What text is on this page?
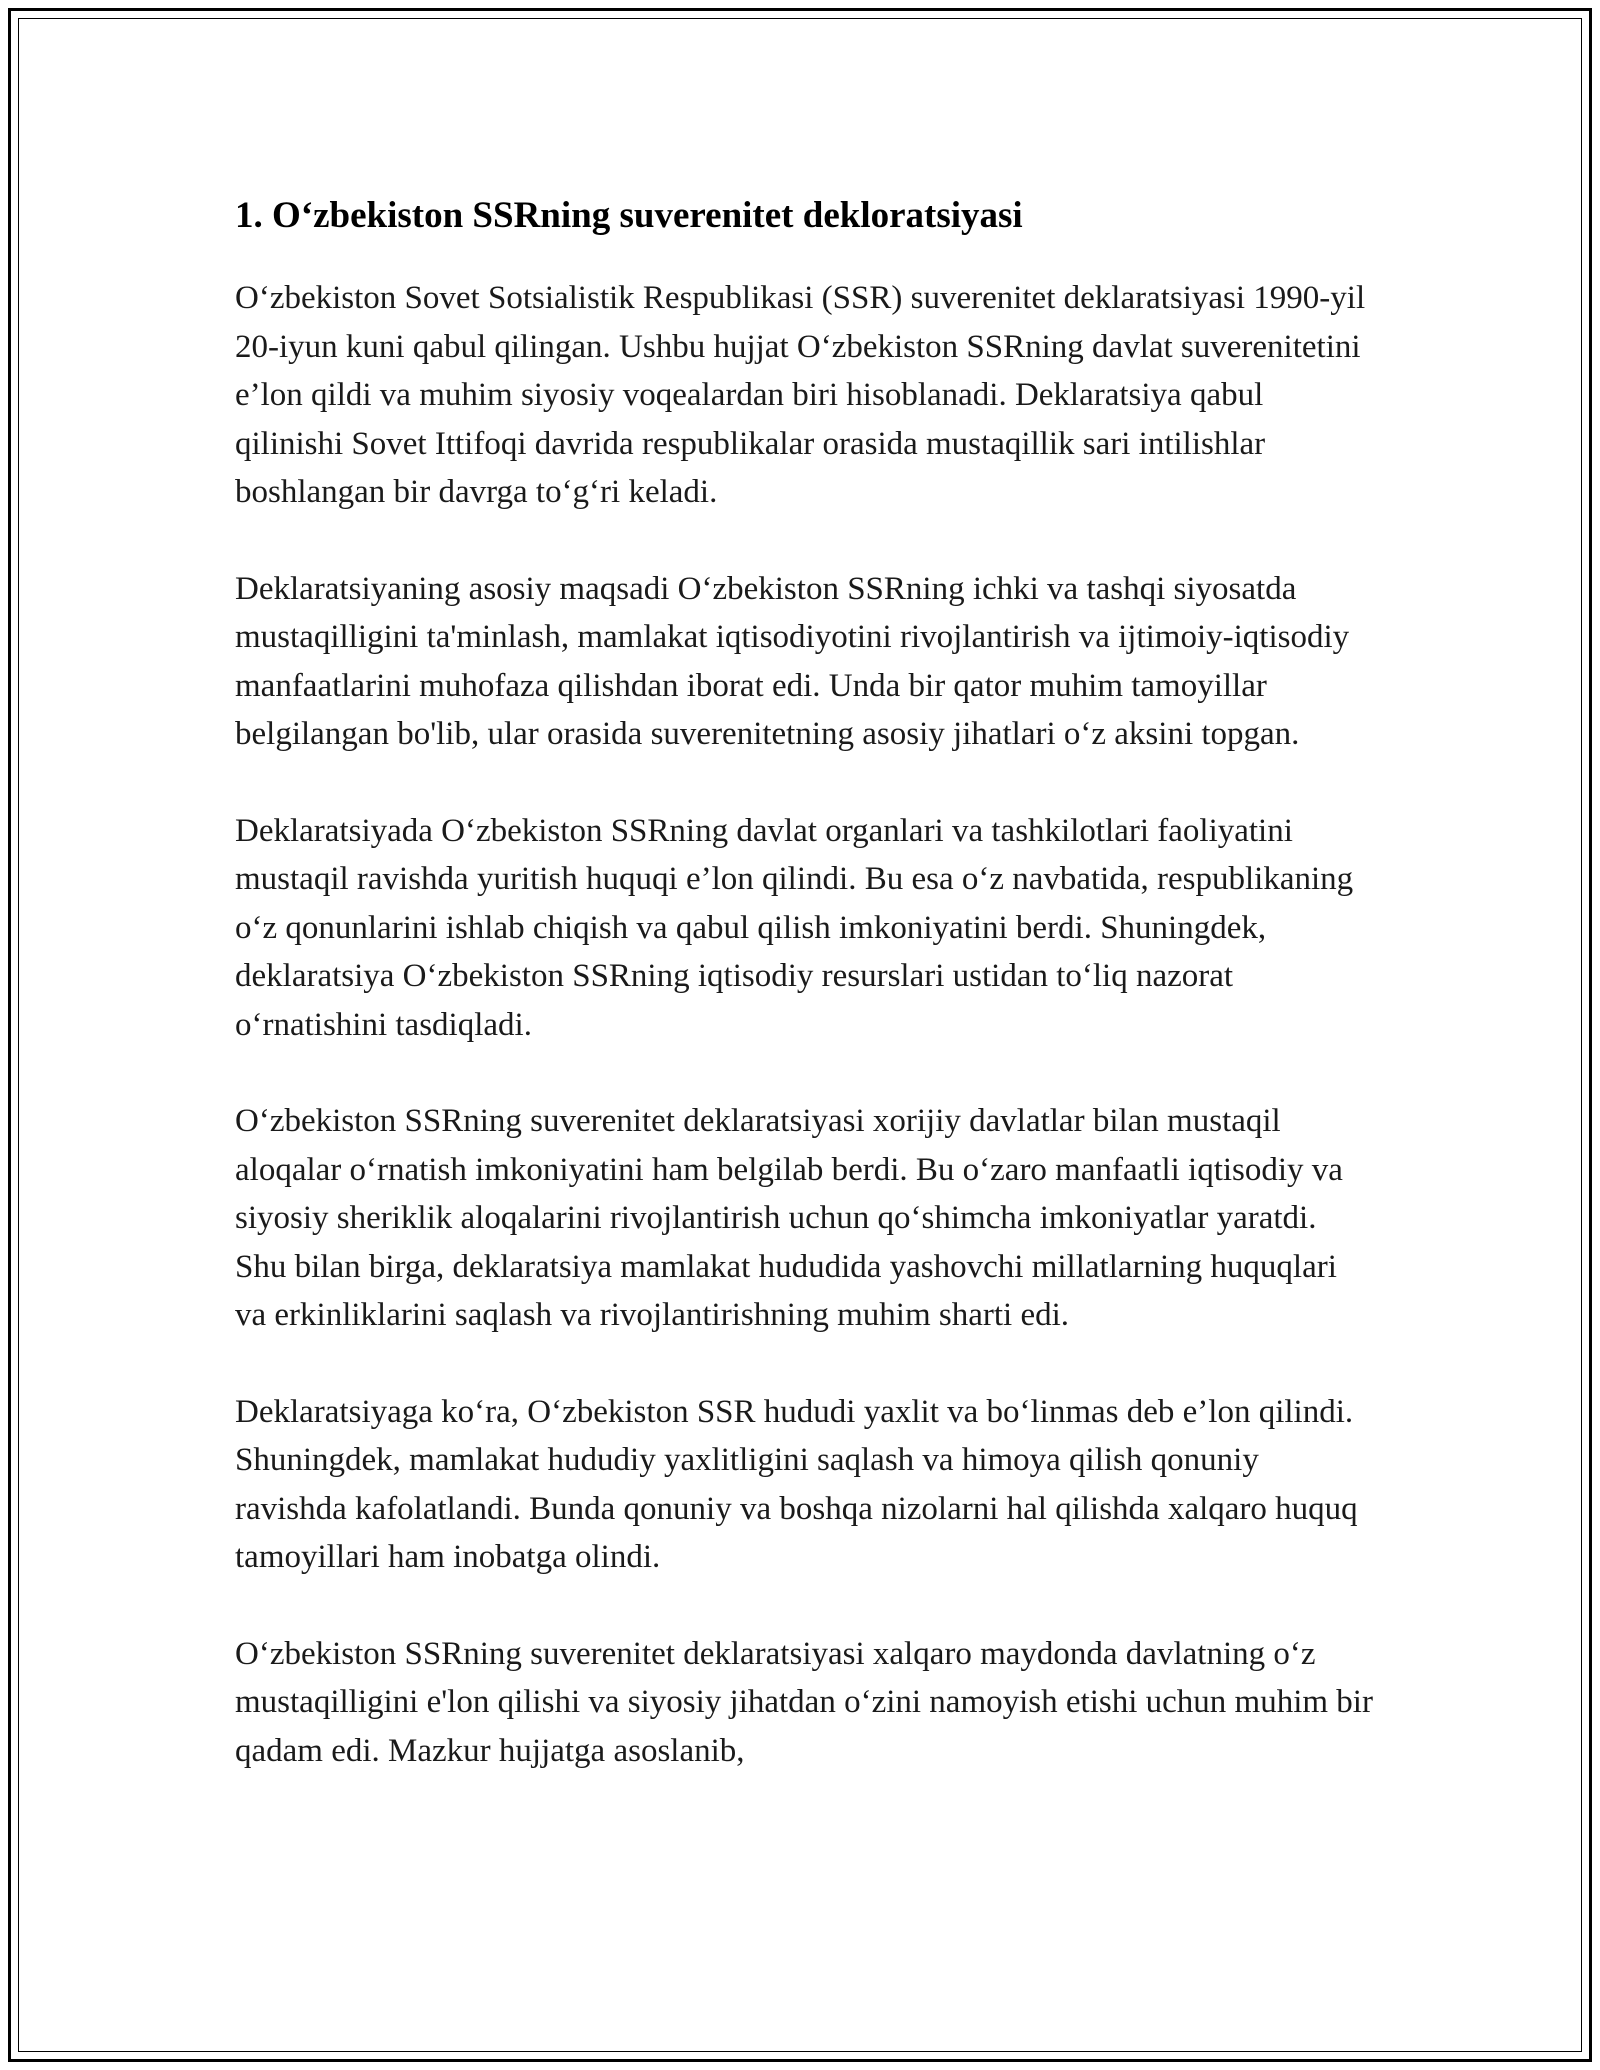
1. O‘zbekiston SSRning suverenitet dekloratsiyasi

O‘zbekiston Sovet Sotsialistik Respublikasi (SSR) suverenitet deklaratsiyasi 1990-yil 20-iyun kuni qabul qilingan. Ushbu hujjat O‘zbekiston SSRning davlat suverenitetini e’lon qildi va muhim siyosiy voqealardan biri hisoblanadi. Deklaratsiya qabul qilinishi Sovet Ittifoqi davrida respublikalar orasida mustaqillik sari intilishlar boshlangan bir davrga to‘g‘ri keladi.

Deklaratsiyaning asosiy maqsadi O‘zbekiston SSRning ichki va tashqi siyosatda mustaqilligini ta'minlash, mamlakat iqtisodiyotini rivojlantirish va ijtimoiy-iqtisodiy manfaatlarini muhofaza qilishdan iborat edi. Unda bir qator muhim tamoyillar belgilangan bo'lib, ular orasida suverenitetning asosiy jihatlari o‘z aksini topgan.

Deklaratsiyada O‘zbekiston SSRning davlat organlari va tashkilotlari faoliyatini mustaqil ravishda yuritish huquqi e’lon qilindi. Bu esa o‘z navbatida, respublikaning o‘z qonunlarini ishlab chiqish va qabul qilish imkoniyatini berdi. Shuningdek, deklaratsiya O‘zbekiston SSRning iqtisodiy resurslari ustidan to‘liq nazorat o‘rnatishini tasdiqladi.

O‘zbekiston SSRning suverenitet deklaratsiyasi xorijiy davlatlar bilan mustaqil aloqalar o‘rnatish imkoniyatini ham belgilab berdi. Bu o‘zaro manfaatli iqtisodiy va siyosiy sheriklik aloqalarini rivojlantirish uchun qo‘shimcha imkoniyatlar yaratdi. Shu bilan birga, deklaratsiya mamlakat hududida yashovchi millatlarning huquqlari va erkinliklarini saqlash va rivojlantirishning muhim sharti edi.

Deklaratsiyaga ko‘ra, O‘zbekiston SSR hududi yaxlit va bo‘linmas deb e’lon qilindi. Shuningdek, mamlakat hududiy yaxlitligini saqlash va himoya qilish qonuniy ravishda kafolatlandi. Bunda qonuniy va boshqa nizolarni hal qilishda xalqaro huquq tamoyillari ham inobatga olindi.

O‘zbekiston SSRning suverenitet deklaratsiyasi xalqaro maydonda davlatning o‘z mustaqilligini e'lon qilishi va siyosiy jihatdan o‘zini namoyish etishi uchun muhim bir qadam edi. Mazkur hujjatga asoslanib,
